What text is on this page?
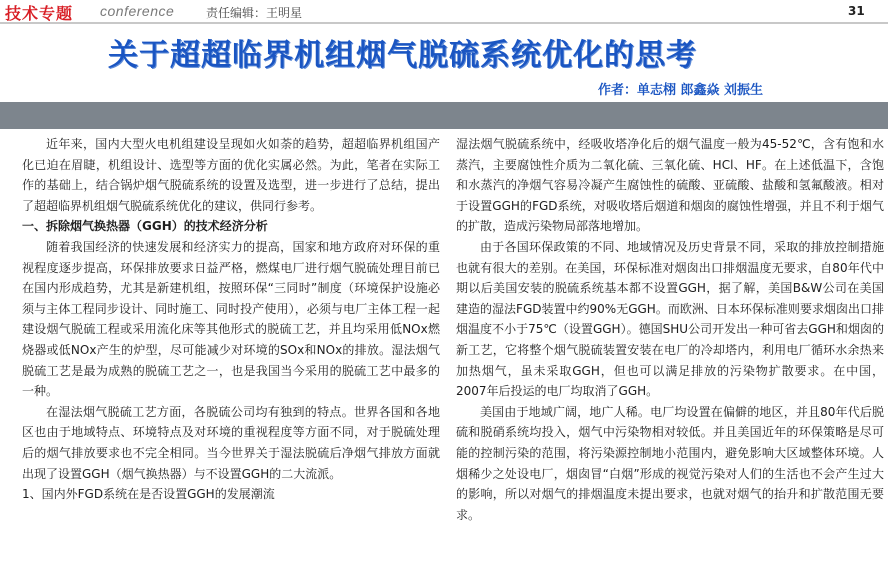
技术专题 conference	责任编辑：王明星	31
关于超超临界机组烟气脱硫系统优化的思考
作者：单志栩 郎鑫焱 刘振生

近年来，国内大型火电机组建设呈现如火如荼的趋势，超超临界机组国产化已迫在眉睫，机组设计、选型等方面的优化实属必然。为此，笔者在实际工作的基础上，结合锅炉烟气脱硫系统的设置及选型，进一步进行了总结，提出了超超临界机组烟气脱硫系统优化的建议，供同行参考。

一、拆除烟气换热器（GGH）的技术经济分析

随着我国经济的快速发展和经济实力的提高，国家和地方政府对环保的重视程度逐步提高，环保排放要求日益严格，燃煤电厂进行烟气脱硫处理目前已在国内形成趋势，尤其是新建机组，按照环保“三同时”制度（环境保护设施必须与主体工程同步设计、同时施工、同时投产使用），必须与电厂主体工程一起建设烟气脱硫工程或采用流化床等其他形式的脱硫工艺，并且均采用低NOx燃烧器或低NOx产生的炉型，尽可能减少对环境的SOx和NOx的排放。湿法烟气脱硫工艺是最为成熟的脱硫工艺之一，也是我国当今采用的脱硫工艺中最多的一种。

在湿法烟气脱硫工艺方面，各脱硫公司均有独到的特点。世界各国和各地区也由于地域特点、环境特点及对环境的重视程度等方面不同，对于脱硫处理后的烟气排放要求也不完全相同。当今世界关于湿法脱硫后净烟气排放方面就出现了设置GGH（烟气换热器）与不设置GGH的二大流派。

1、国内外FGD系统在是否设置GGH的发展潮流

湿法烟气脱硫系统中，经吸收塔净化后的烟气温度一般为45-52℃，含有饱和水蒸汽，主要腐蚀性介质为二氧化硫、三氧化硫、HCl、HF。在上述低温下，含饱和水蒸汽的净烟气容易冷凝产生腐蚀性的硫酸、亚硫酸、盐酸和氢氟酸液。相对于设置GGH的FGD系统，对吸收塔后烟道和烟囱的腐蚀性增强，并且不利于烟气的扩散，造成污染物局部落地增加。

由于各国环保政策的不同、地域情况及历史背景不同，采取的排放控制措施也就有很大的差别。在美国，环保标准对烟囱出口排烟温度无要求，自80年代中期以后美国安装的脱硫系统基本都不设置GGH，据了解，美国B&W公司在美国建造的湿法FGD装置中约90%无GGH。而欧洲、日本环保标准则要求烟囱出口排烟温度不小于75℃（设置GGH）。德国SHU公司开发出一种可省去GGH和烟囱的新工艺，它将整个烟气脱硫装置安装在电厂的冷却塔内，利用电厂循环水余热来加热烟气，虽未采取GGH，但也可以满足排放的污染物扩散要求。在中国，2007年后投运的电厂均取消了GGH。

美国由于地域广阔，地广人稀。电厂均设置在偏僻的地区，并且80年代后脱硫和脱硝系统均投入，烟气中污染物相对较低。并且美国近年的环保策略是尽可能的控制污染的范围，将污染源控制地小范围内，避免影响大区域整体环境。人烟稀少之处设电厂，烟囱冒“白烟”形成的视觉污染对人们的生活也不会产生过大的影响，所以对烟气的排烟温度未提出要求，也就对烟气的抬升和扩散范围无要求。
